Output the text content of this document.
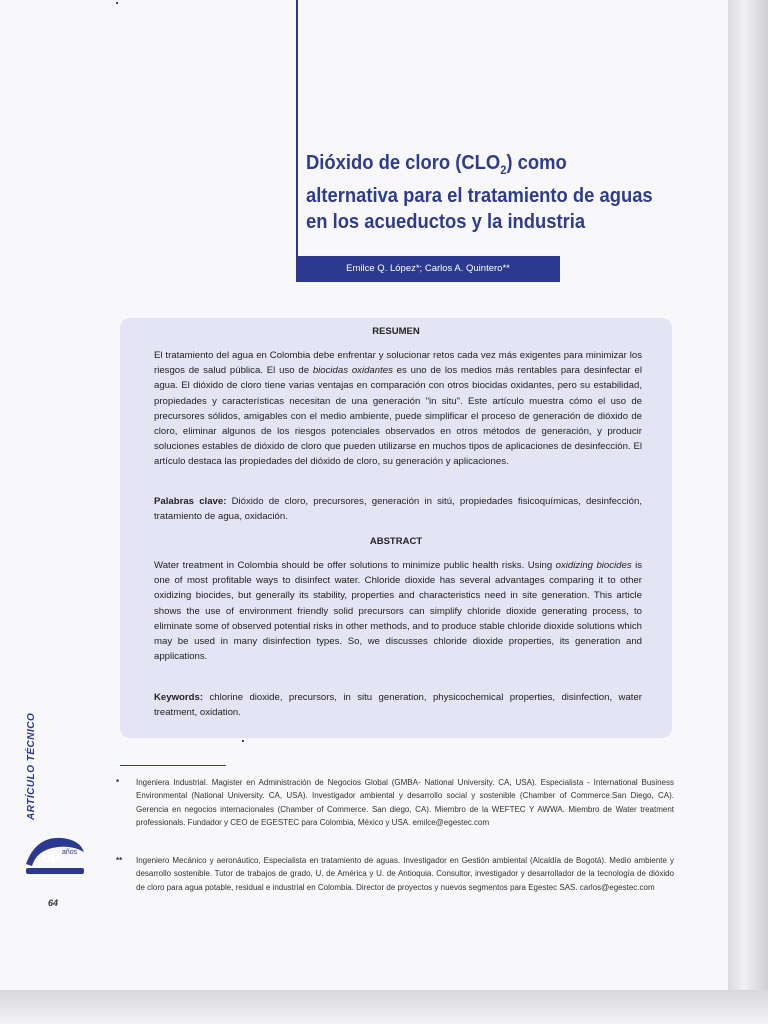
Dióxido de cloro $(CLO_2)$ como alternativa para el tratamiento de aguas en los acueductos y la industria
Emilce Q. López*; Carlos A. Quintero**
RESUMEN

El tratamiento del agua en Colombia debe enfrentar y solucionar retos cada vez más exigentes para minimizar los riesgos de salud pública. El uso de biocidas oxidantes es uno de los medios más rentables para desinfectar el agua. El dióxido de cloro tiene varias ventajas en comparación con otros biocidas oxidantes, pero su estabilidad, propiedades y características necesitan de una generación "in situ". Este artículo muestra cómo el uso de precursores sólidos, amigables con el medio ambiente, puede simplificar el proceso de generación de dióxido de cloro, eliminar algunos de los riesgos potenciales observados en otros métodos de generación, y producir soluciones estables de dióxido de cloro que pueden utilizarse en muchos tipos de aplicaciones de desinfección. El artículo destaca las propiedades del dióxido de cloro, su generación y aplicaciones.

Palabras clave: Dióxido de cloro, precursores, generación in sitú, propiedades fisicoquímicas, desinfección, tratamiento de agua, oxidación.

ABSTRACT

Water treatment in Colombia should be offer solutions to minimize public health risks. Using oxidizing biocides is one of most profitable ways to disinfect water. Chloride dioxide has several advantages comparing it to other oxidizing biocides, but generally its stability, properties and characteristics need in site generation. This article shows the use of environment friendly solid precursors can simplify chloride dioxide generating process, to eliminate some of observed potential risks in other methods, and to produce stable chloride dioxide solutions which may be used in many disinfection types. So, we discusses chloride dioxide properties, its generation and applications.

Keywords: chlorine dioxide, precursors, in situ generation, physicochemical properties, disinfection, water treatment, oxidation.

ARTÍCULO TÉCNICO
60 años
64
* Ingeniera Industrial. Magister en Administración de Negocios Global (GMBA- National University. CA, USA). Especialista - International Business Environmental (National University. CA, USA). Investigador ambiental y desarrollo social y sostenible (Chamber of Commerce.San Diego, CA). Gerencia en negocios internacionales (Chamber of Commerce. San diego, CA). Miembro de la WEFTEC Y AWWA. Miembro de Water treatment professionals. Fundador y CEO de EGESTEC para Colombia, México y USA. emilce@egestec.com

** Ingeniero Mecánico y aeronáutico, Especialista en tratamiento de aguas. Investigador en Gestión ambiental (Alcaldía de Bogotá). Medio ambiente y desarrollo sostenible. Tutor de trabajos de grado, U. de América y U. de Antioquia. Consultor, investigador y desarrollador de la tecnología de dióxido de cloro para agua potable, residual e industrial en Colombia. Director de proyectos y nuevos segmentos para Egestec SAS. carlos@egestec.com
